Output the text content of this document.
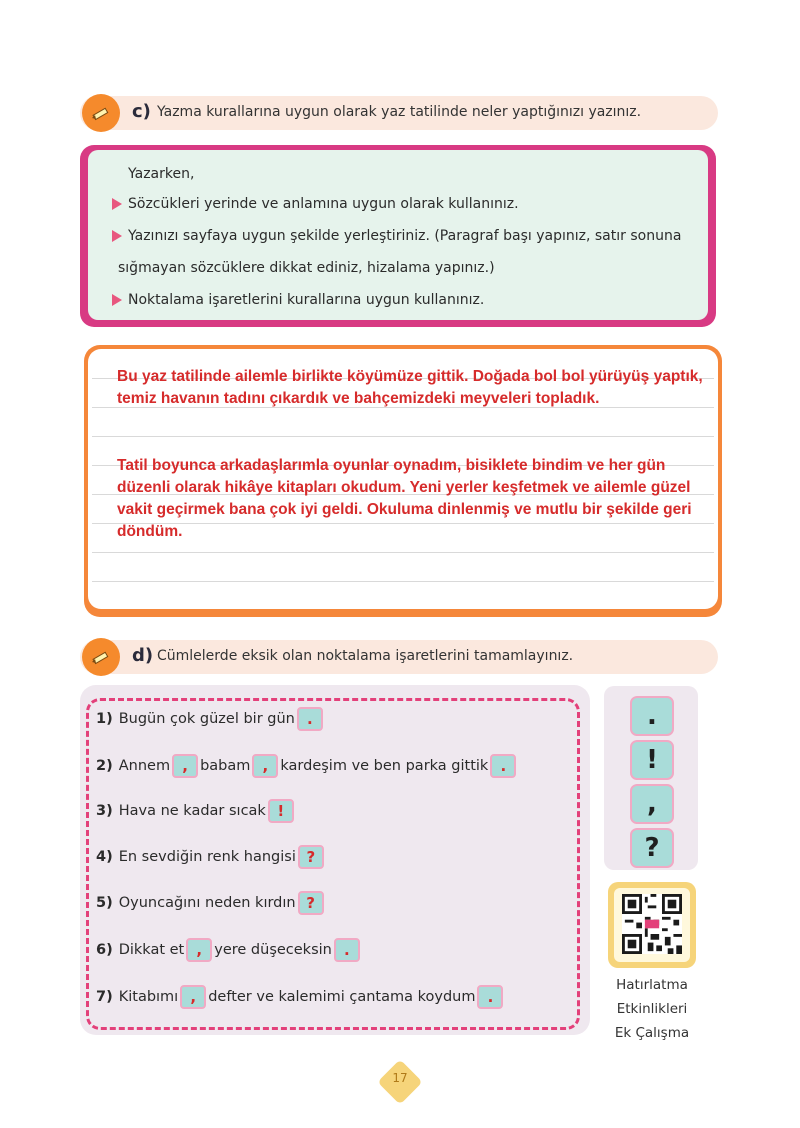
c) Yazma kurallarına uygun olarak yaz tatilinde neler yaptığınızı yazınız.
Yazarken,
Sözcükleri yerinde ve anlamına uygun olarak kullanınız.
Yazınızı sayfaya uygun şekilde yerleştiriniz. (Paragraf başı yapınız, satır sonuna
sığmayan sözcüklere dikkat ediniz, hizalama yapınız.)
Noktalama işaretlerini kurallarına uygun kullanınız.
Bu yaz tatilinde ailemle birlikte köyümüze gittik. Doğada bol bol yürüyüş yaptık, temiz havanın tadını çıkardık ve bahçemizdeki meyveleri topladık.
Tatil boyunca arkadaşlarımla oyunlar oynadım, bisiklete bindim ve her gün düzenli olarak hikâye kitapları okudum. Yeni yerler keşfetmek ve ailemle güzel vakit geçirmek bana çok iyi geldi. Okuluma dinlenmiş ve mutlu bir şekilde geri döndüm.
d) Cümlelerde eksik olan noktalama işaretlerini tamamlayınız.
1) Bugün çok güzel bir gün .
2) Annem , babam , kardeşim ve ben parka gittik .
3) Hava ne kadar sıcak !
4) En sevdiğin renk hangisi ?
5) Oyuncağını neden kırdın ?
6) Dikkat et , yere düşeceksin .
7) Kitabımı , defter ve kalemimi çantama koydum .
.
!
,
?
Hatırlatma
Etkinlikleri
Ek Çalışma
17
